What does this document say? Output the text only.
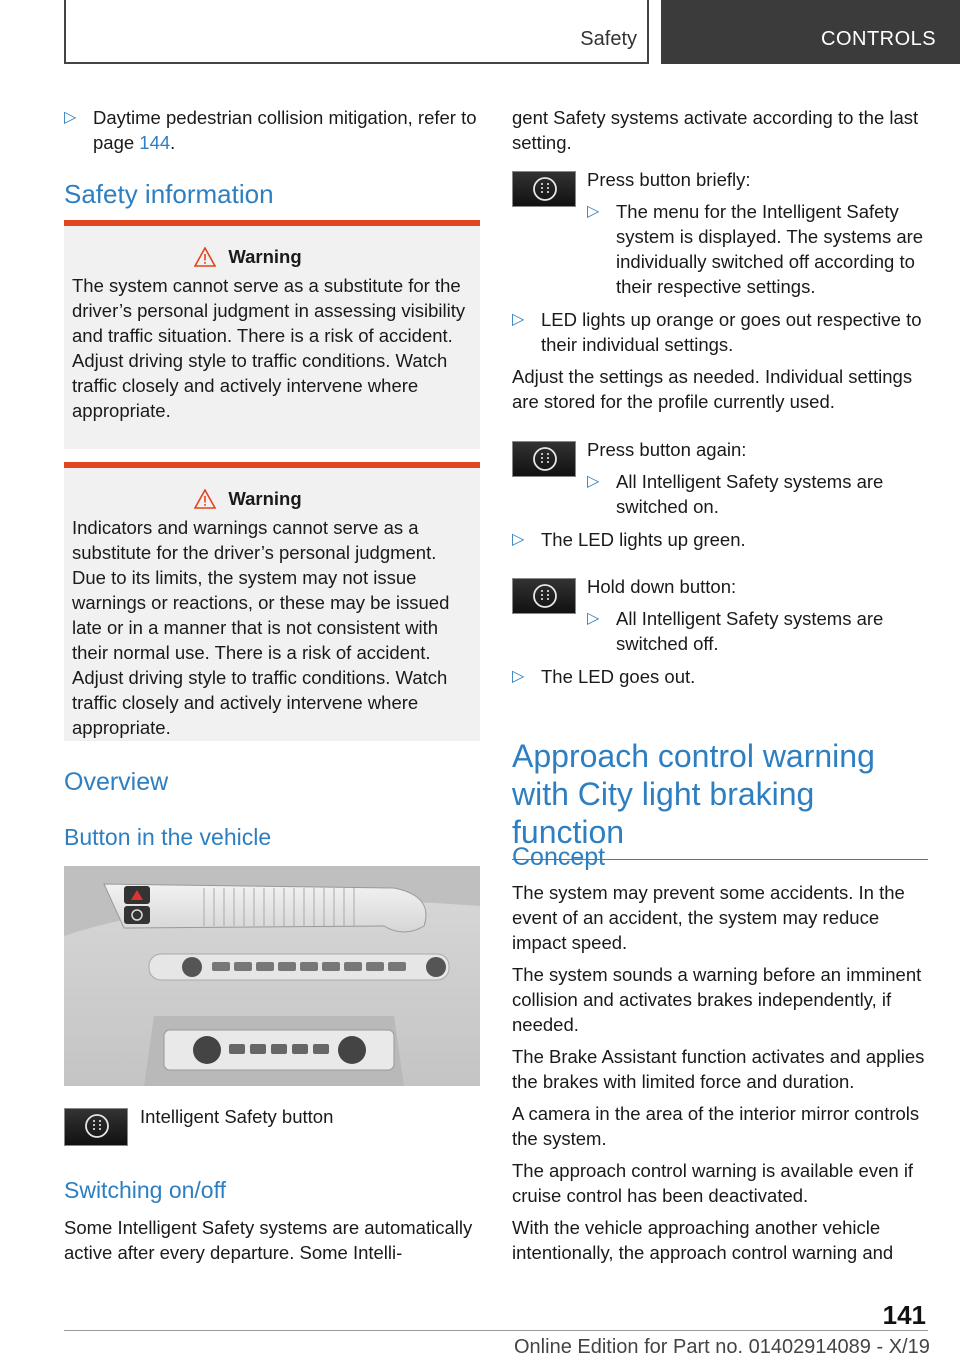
Safety	CONTROLS
▷ Daytime pedestrian collision mitigation, refer to page 144.
Safety information
Warning

The system cannot serve as a substitute for the driver’s personal judgment in assessing visibility and traffic situation. There is a risk of accident. Adjust driving style to traffic conditions. Watch traffic closely and actively intervene where appropriate.

Warning

Indicators and warnings cannot serve as a substitute for the driver’s personal judgment. Due to its limits, the system may not issue warnings or reactions, or these may be issued late or in a manner that is not consistent with their normal use. There is a risk of accident. Adjust driving style to traffic conditions. Watch traffic closely and actively intervene where appropriate.

Overview
Button in the vehicle
Intelligent Safety button
Switching on/off
Some Intelligent Safety systems are automatically active after every departure. Some Intelli-
gent Safety systems activate according to the last setting.

Press button briefly:

▷ The menu for the Intelligent Safety system is displayed. The systems are individually switched off according to their respective settings.
▷ LED lights up orange or goes out respective to their individual settings.
Adjust the settings as needed. Individual settings are stored for the profile currently used.

Press button again:

▷ All Intelligent Safety systems are switched on.
▷ The LED lights up green.

Hold down button:

▷ All Intelligent Safety systems are switched off.
▷ The LED goes out.
Approach control warning with City light braking function
Concept

The system may prevent some accidents. In the event of an accident, the system may reduce impact speed.

The system sounds a warning before an imminent collision and activates brakes independently, if needed.

The Brake Assistant function activates and applies the brakes with limited force and duration.

A camera in the area of the interior mirror controls the system.

The approach control warning is available even if cruise control has been deactivated.

With the vehicle approaching another vehicle intentionally, the approach control warning and

141
Online Edition for Part no. 01402914089 - X/19
